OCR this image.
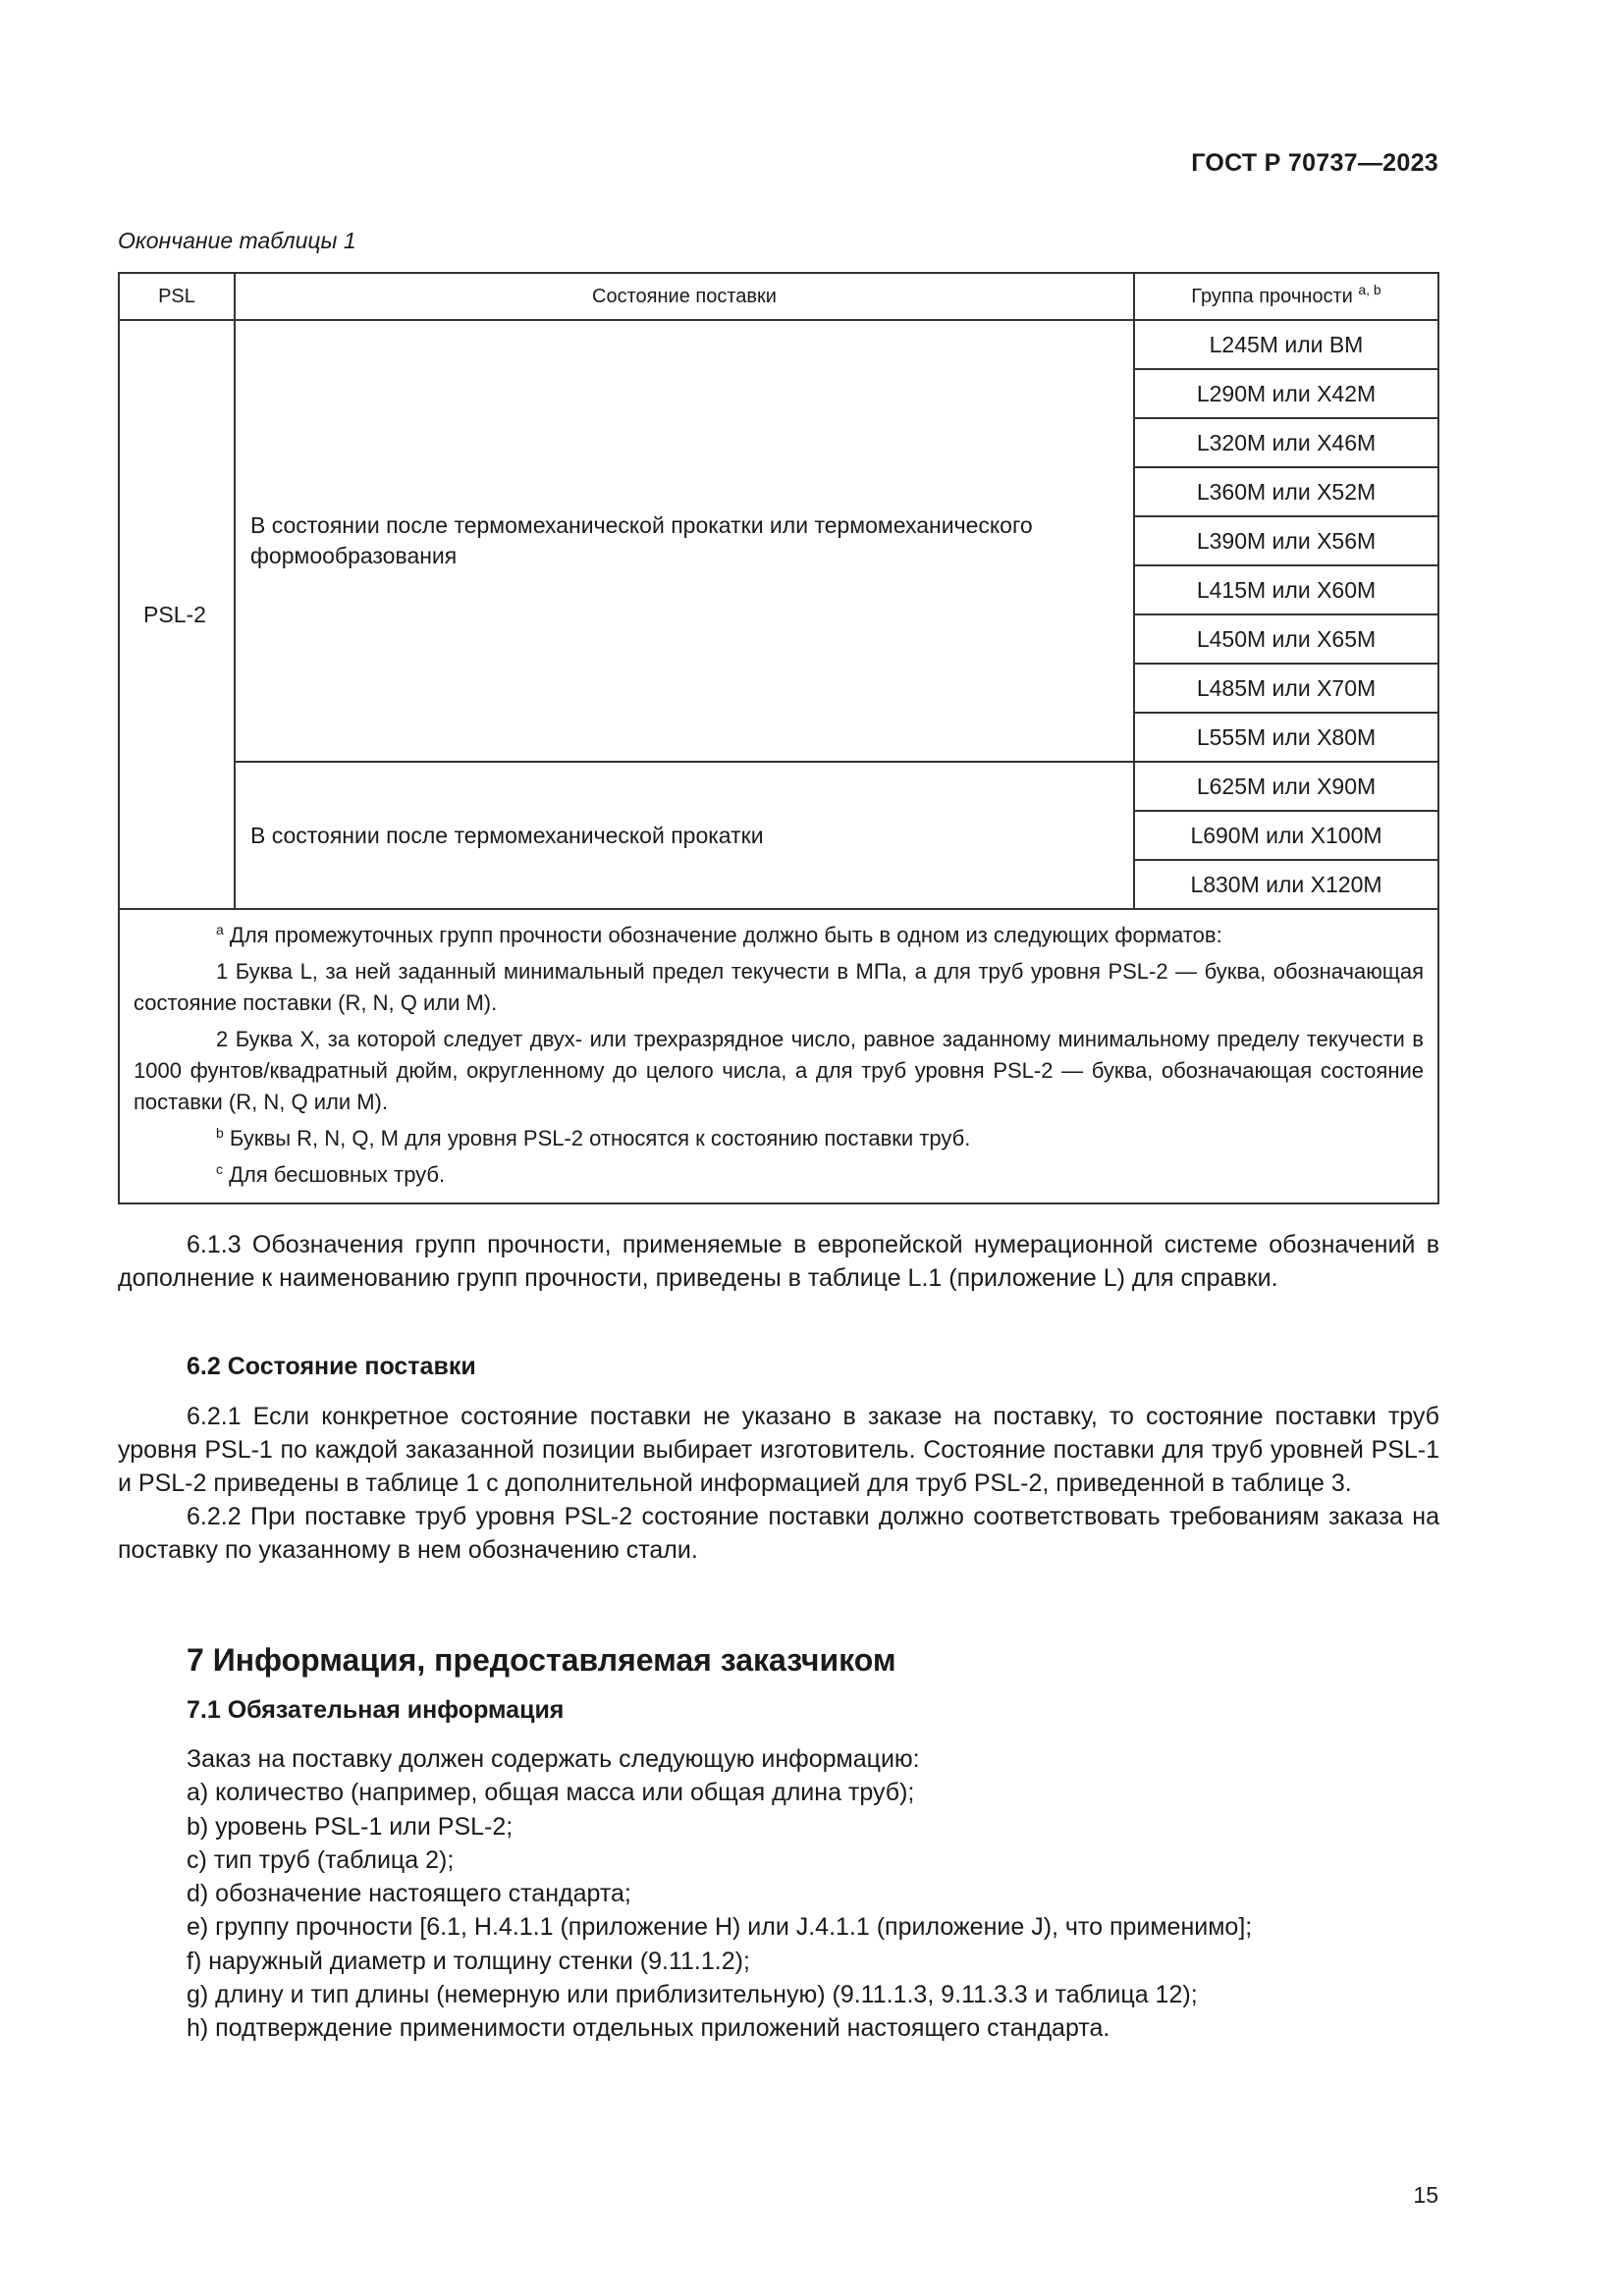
ГОСТ Р 70737—2023
Окончание таблицы 1
PSL	Состояние поставки	Группа прочности $^{a, b}$
PSL-2	В состоянии после термомеханической прокатки или термомеханического формообразования	L245M или BM
		L290M или X42M
		L320M или X46M
		L360M или X52M
		L390M или X56M
		L415M или X60M
		L450M или X65M
		L485M или X70M
		L555M или X80M
	В состоянии после термомеханической прокатки	L625M или X90M
		L690M или X100M
		L830M или X120M

$^a$ Для промежуточных групп прочности обозначение должно быть в одном из следующих форматов:

1 Буква L, за ней заданный минимальный предел текучести в МПа, а для труб уровня PSL-2 — буква, обозначающая состояние поставки (R, N, Q или M).

2 Буква X, за которой следует двух- или трехразрядное число, равное заданному минимальному пределу текучести в 1000 фунтов/квадратный дюйм, округленному до целого числа, а для труб уровня PSL-2 — буква, обозначающая состояние поставки (R, N, Q или M).

$^b$ Буквы R, N, Q, M для уровня PSL-2 относятся к состоянию поставки труб.

$^c$ Для бесшовных труб.		

6.1.3 Обозначения групп прочности, применяемые в европейской нумерационной системе обозначений в дополнение к наименованию групп прочности, приведены в таблице L.1 (приложение L) для справки.

6.2 Состояние поставки

6.2.1 Если конкретное состояние поставки не указано в заказе на поставку, то состояние поставки труб уровня PSL-1 по каждой заказанной позиции выбирает изготовитель. Состояние поставки для труб уровней PSL-1 и PSL-2 приведены в таблице 1 с дополнительной информацией для труб PSL-2, приведенной в таблице 3.

6.2.2 При поставке труб уровня PSL-2 состояние поставки должно соответствовать требованиям заказа на поставку по указанному в нем обозначению стали.

7 Информация, предоставляемая заказчиком
7.1 Обязательная информация
Заказ на поставку должен содержать следующую информацию:
a) количество (например, общая масса или общая длина труб);
b) уровень PSL-1 или PSL-2;
c) тип труб (таблица 2);
d) обозначение настоящего стандарта;
e) группу прочности [6.1, H.4.1.1 (приложение H) или J.4.1.1 (приложение J), что применимо];
f) наружный диаметр и толщину стенки (9.11.1.2);
g) длину и тип длины (немерную или приблизительную) (9.11.1.3, 9.11.3.3 и таблица 12);
h) подтверждение применимости отдельных приложений настоящего стандарта.
15
